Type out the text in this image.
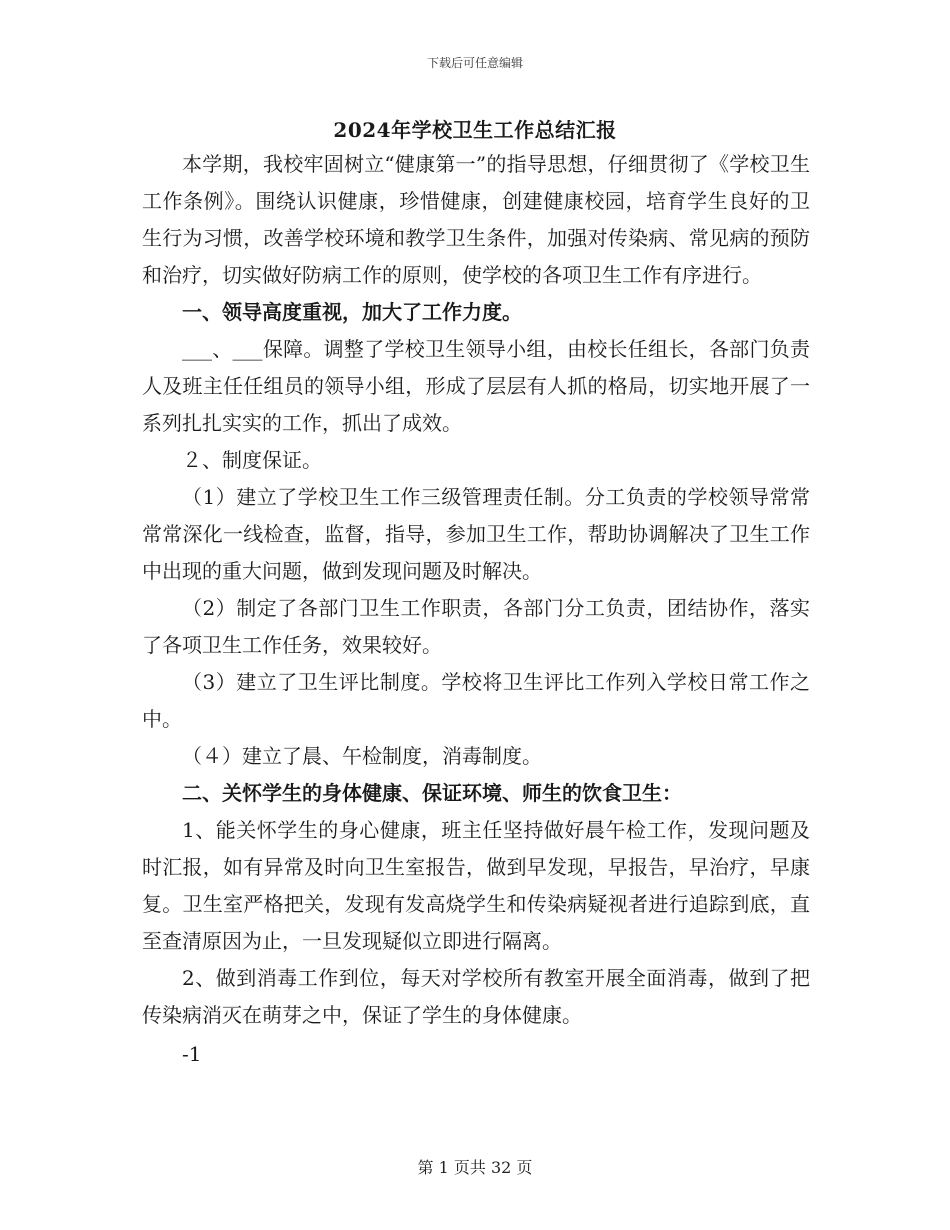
下载后可任意编辑
2024年学校卫生工作总结汇报

本学期，我校牢固树立“健康第一”的指导思想，仔细贯彻了《学校卫生工作条例》。围绕认识健康，珍惜健康，创建健康校园，培育学生良好的卫生行为习惯，改善学校环境和教学卫生条件，加强对传染病、常见病的预防和治疗，切实做好防病工作的原则，使学校的各项卫生工作有序进行。

一、领导高度重视，加大了工作力度。

___、___保障。调整了学校卫生领导小组，由校长任组长，各部门负责人及班主任任组员的领导小组，形成了层层有人抓的格局，切实地开展了一系列扎扎实实的工作，抓出了成效。

２、制度保证。

（1）建立了学校卫生工作三级管理责任制。分工负责的学校领导常常常常深化一线检查，监督，指导，参加卫生工作，帮助协调解决了卫生工作中出现的重大问题，做到发现问题及时解决。

（2）制定了各部门卫生工作职责，各部门分工负责，团结协作，落实了各项卫生工作任务，效果较好。

（3）建立了卫生评比制度。学校将卫生评比工作列入学校日常工作之中。

（４）建立了晨、午检制度，消毒制度。

二、关怀学生的身体健康、保证环境、师生的饮食卫生：

1、能关怀学生的身心健康，班主任坚持做好晨午检工作，发现问题及时汇报，如有异常及时向卫生室报告，做到早发现，早报告，早治疗，早康复。卫生室严格把关，发现有发高烧学生和传染病疑视者进行追踪到底，直至查清原因为止，一旦发现疑似立即进行隔离。

2、做到消毒工作到位，每天对学校所有教室开展全面消毒，做到了把传染病消灭在萌芽之中，保证了学生的身体健康。

-1

第 1 页共 32 页
